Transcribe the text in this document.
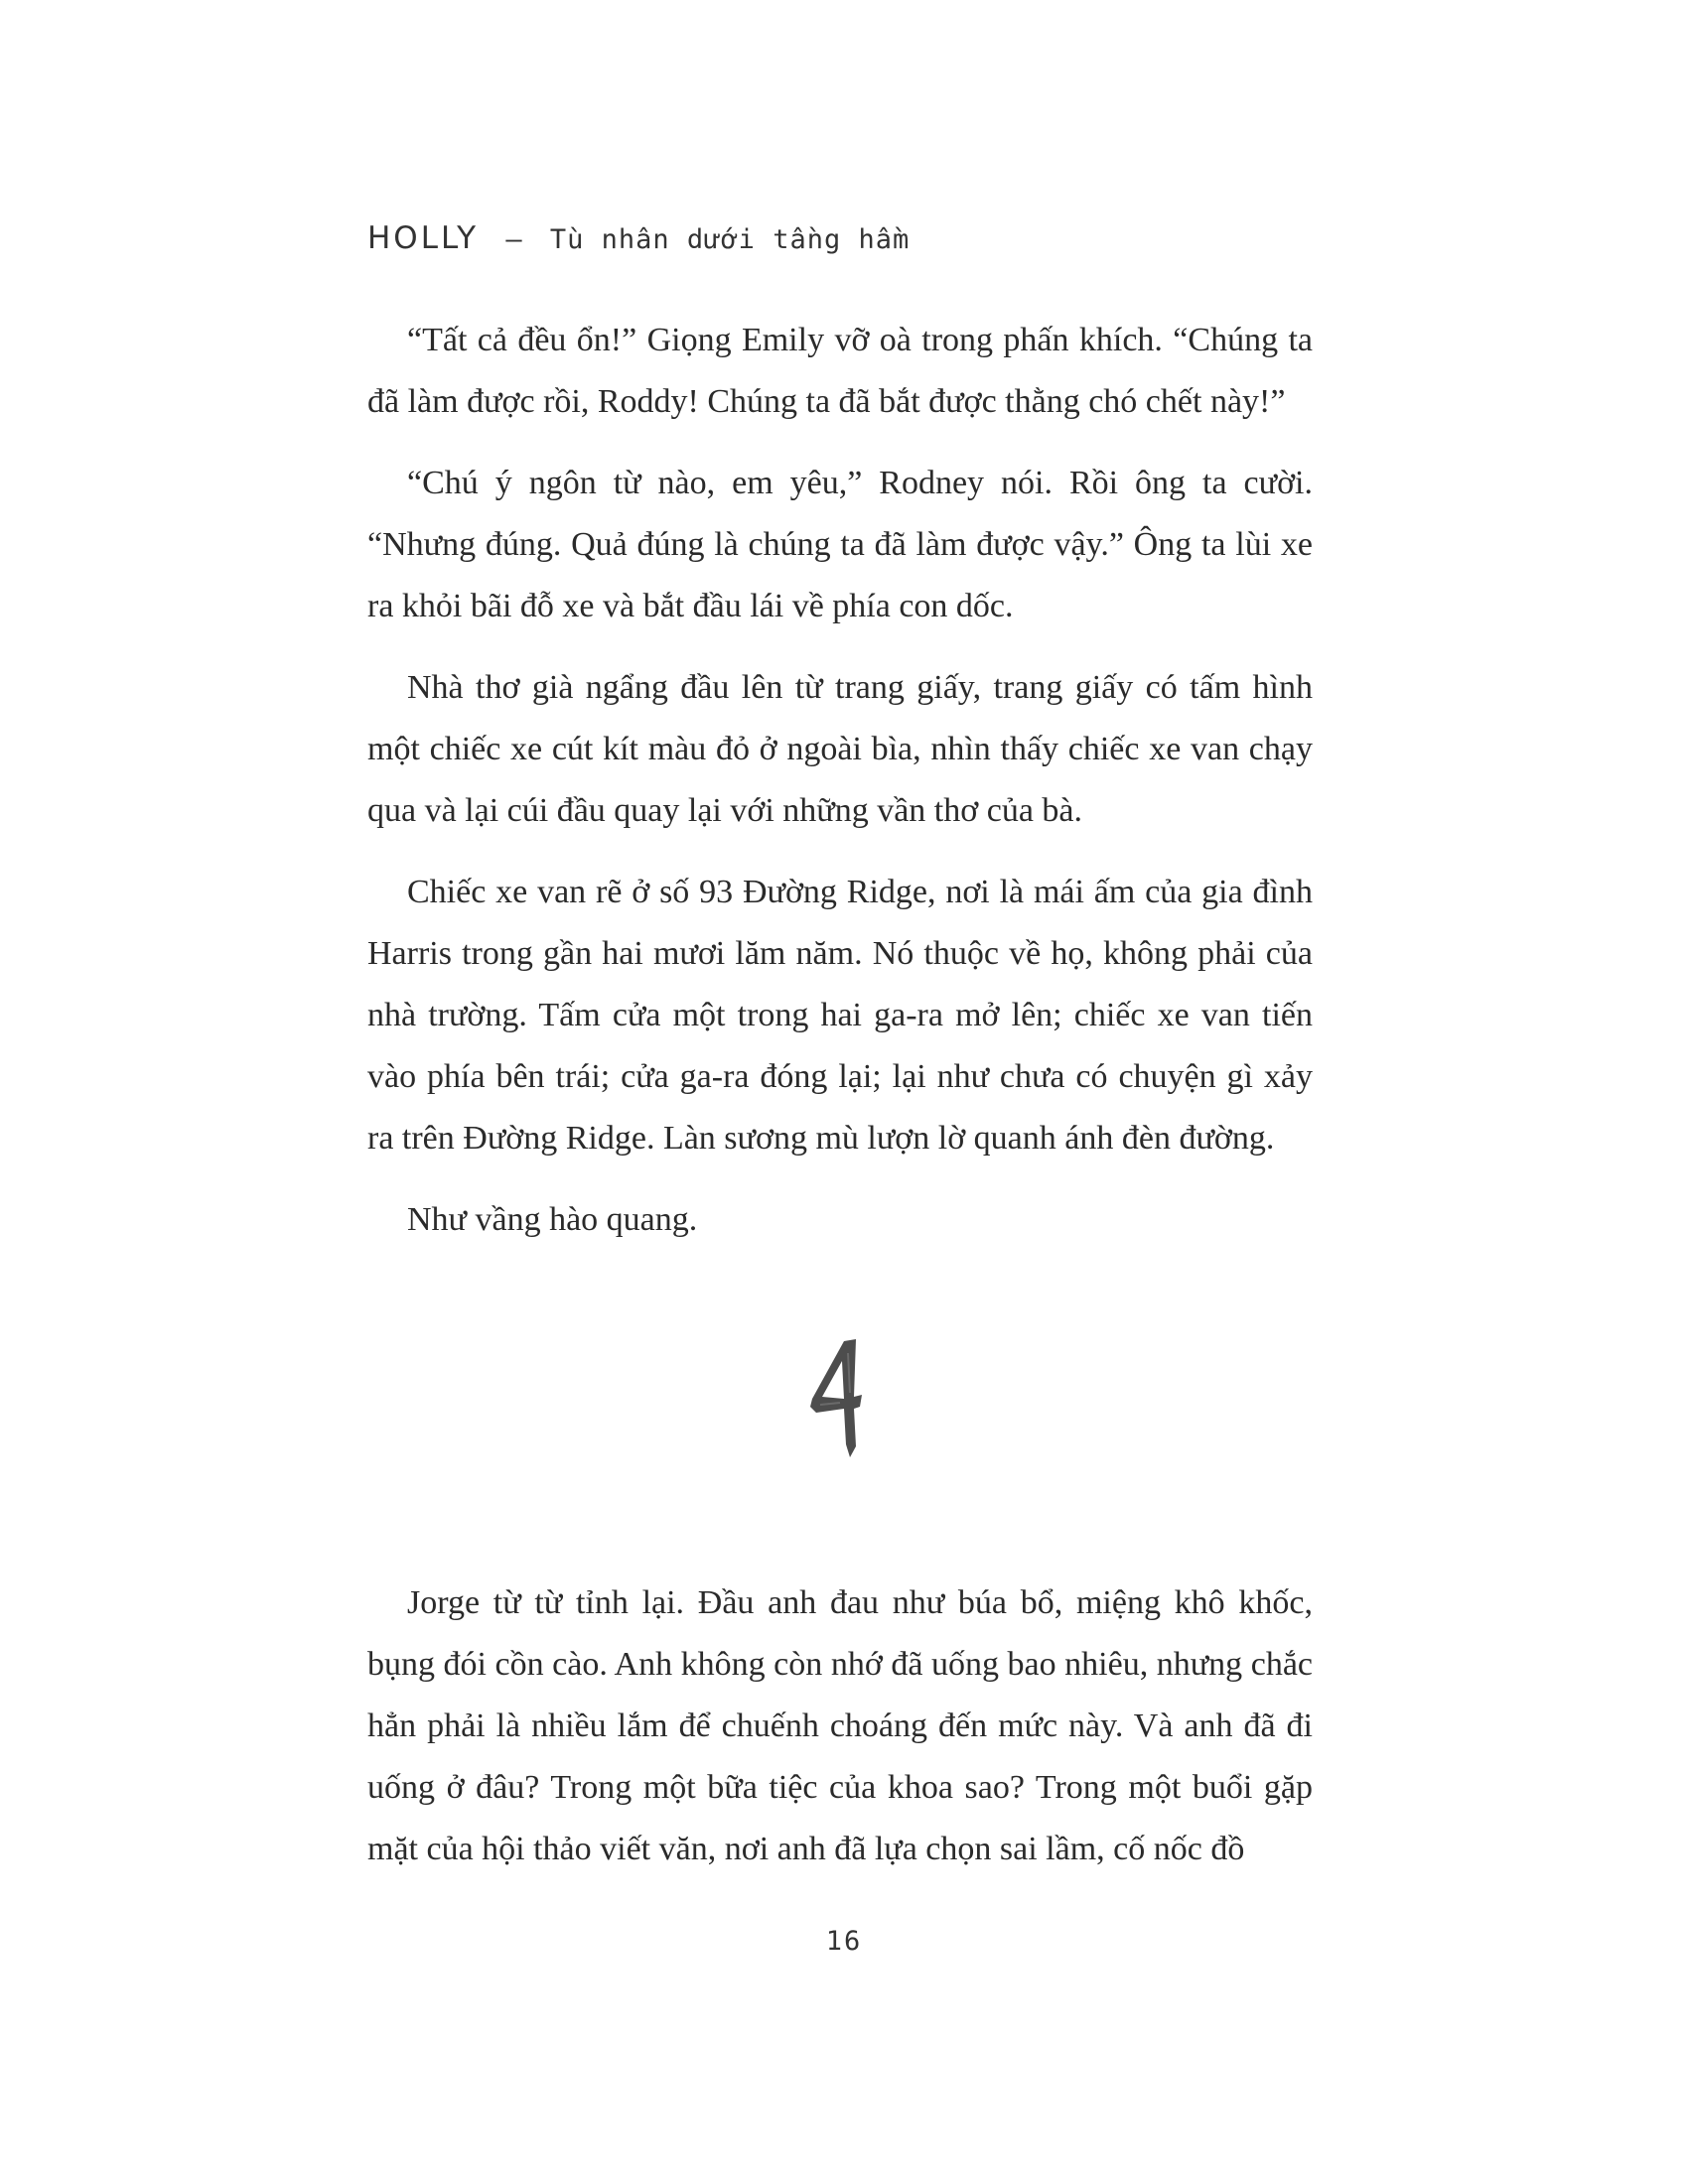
HOLLY – Tù nhân dưới tầng hầm

“Tất cả đều ổn!” Giọng Emily vỡ oà trong phấn khích. “Chúng ta đã làm được rồi, Roddy! Chúng ta đã bắt được thằng chó chết này!”

“Chú ý ngôn từ nào, em yêu,” Rodney nói. Rồi ông ta cười. “Nhưng đúng. Quả đúng là chúng ta đã làm được vậy.” Ông ta lùi xe ra khỏi bãi đỗ xe và bắt đầu lái về phía con dốc.

Nhà thơ già ngẩng đầu lên từ trang giấy, trang giấy có tấm hình một chiếc xe cút kít màu đỏ ở ngoài bìa, nhìn thấy chiếc xe van chạy qua và lại cúi đầu quay lại với những vần thơ của bà.

Chiếc xe van rẽ ở số 93 Đường Ridge, nơi là mái ấm của gia đình Harris trong gần hai mươi lăm năm. Nó thuộc về họ, không phải của nhà trường. Tấm cửa một trong hai ga-ra mở lên; chiếc xe van tiến vào phía bên trái; cửa ga-ra đóng lại; lại như chưa có chuyện gì xảy ra trên Đường Ridge. Làn sương mù lượn lờ quanh ánh đèn đường.

Như vầng hào quang.

Jorge từ từ tỉnh lại. Đầu anh đau như búa bổ, miệng khô khốc, bụng đói cồn cào. Anh không còn nhớ đã uống bao nhiêu, nhưng chắc hẳn phải là nhiều lắm để chuếnh choáng đến mức này. Và anh đã đi uống ở đâu? Trong một bữa tiệc của khoa sao? Trong một buổi gặp mặt của hội thảo viết văn, nơi anh đã lựa chọn sai lầm, cố nốc đồ

16
